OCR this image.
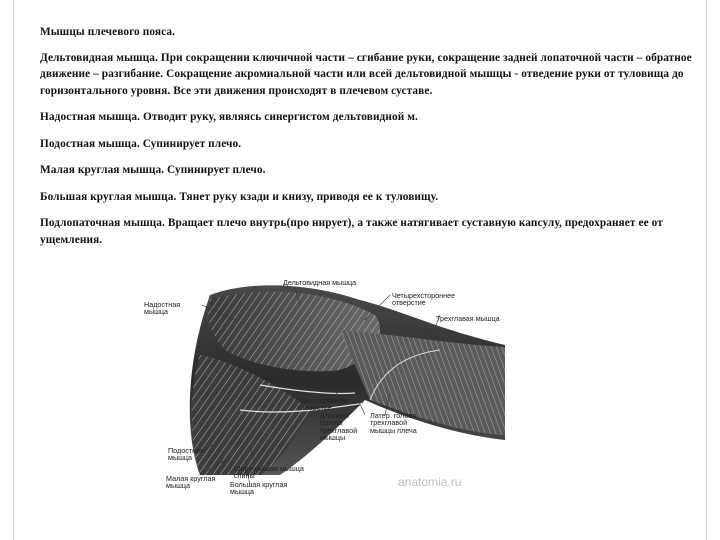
Мышцы плечевого пояса.

Дельтовидная мышца. При сокращении ключичной части – сгибание руки, сокращение задней лопаточной части – обратное движение – разгибание. Сокращение акромиальной части или всей дельтовидной мышцы - отведение руки от туловища до горизонтального уровня. Все эти движения происходят в плечевом суставе.

Надостная мышца. Отводит руку, являясь синергистом дельтовидной м.

Подостная мышца. Супинирует плечо.

Малая круглая мышца. Супинирует плечо.

Большая круглая мышца. Тянет руку кзади и книзу, приводя ее к туловищу.

Подлопаточная мышца. Вращает плечо внутрь(про нирует), а также натягивает суставную капсулу, предохраняет ее от ущемления.

Дельтовидная мышца
Надостная
мышца
Четырехстороннее
отверстие
Трехглавая мышца
Трехстороннее
отверстие
Длинная
голова
трехглавой
мышцы
Латер. голова
трехглавой
мышцы плеча
Подостная
мышца
Малая круглая
мышца
Широчайшая мышца
спины
Большая круглая
мышца
anatomia.ru
